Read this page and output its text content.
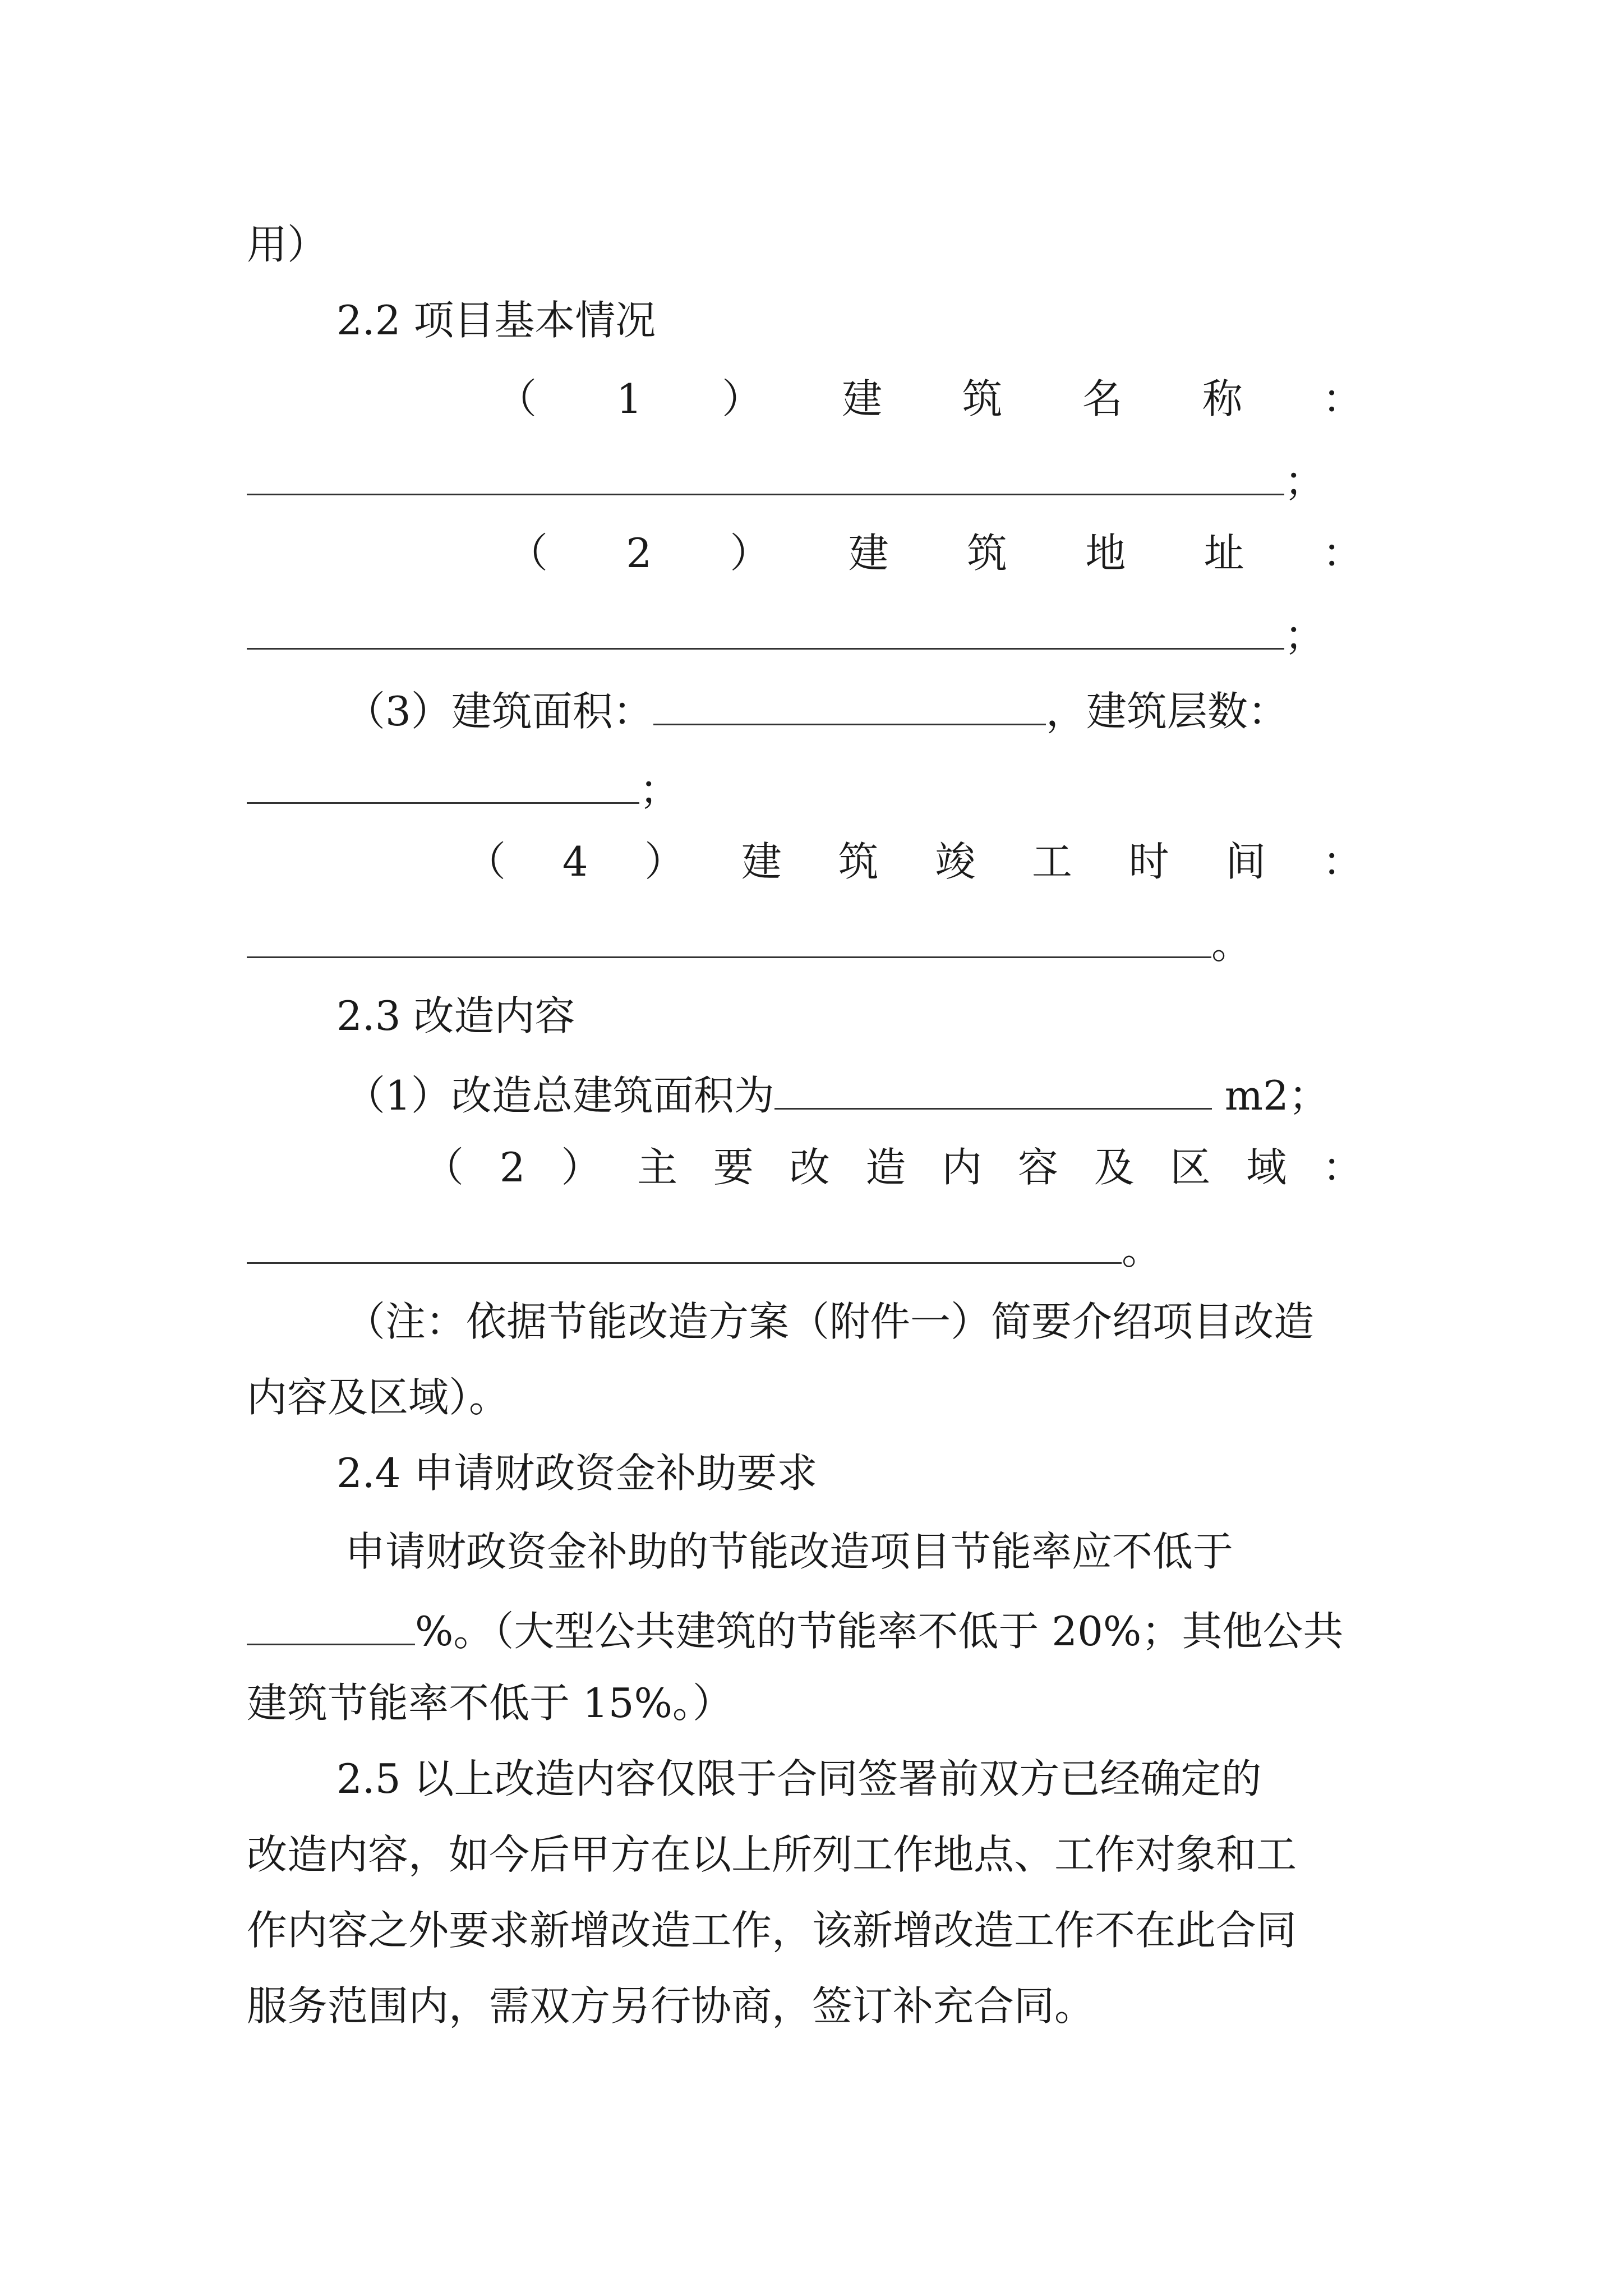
用）
2.2 项目基本情况
（ 1 ） 建 筑 名 称 ：
；
（ 2 ） 建 筑 地 址 ：
；
（3）建筑面积：	，建筑层数：
；
（ 4 ） 建 筑 竣 工 时 间 ：
。
2.3 改造内容
（1）改造总建筑面积为	m2；
（ 2 ） 主 要 改 造 内 容 及 区 域 ：
。
（注：依据节能改造方案（附件一）简要介绍项目改造
内容及区域）。
2.4 申请财政资金补助要求
申请财政资金补助的节能改造项目节能率应不低于
%。（大型公共建筑的节能率不低于 20%；其他公共
建筑节能率不低于 15%。）
2.5 以上改造内容仅限于合同签署前双方已经确定的
改造内容，如今后甲方在以上所列工作地点、工作对象和工
作内容之外要求新增改造工作，该新增改造工作不在此合同
服务范围内，需双方另行协商，签订补充合同。
